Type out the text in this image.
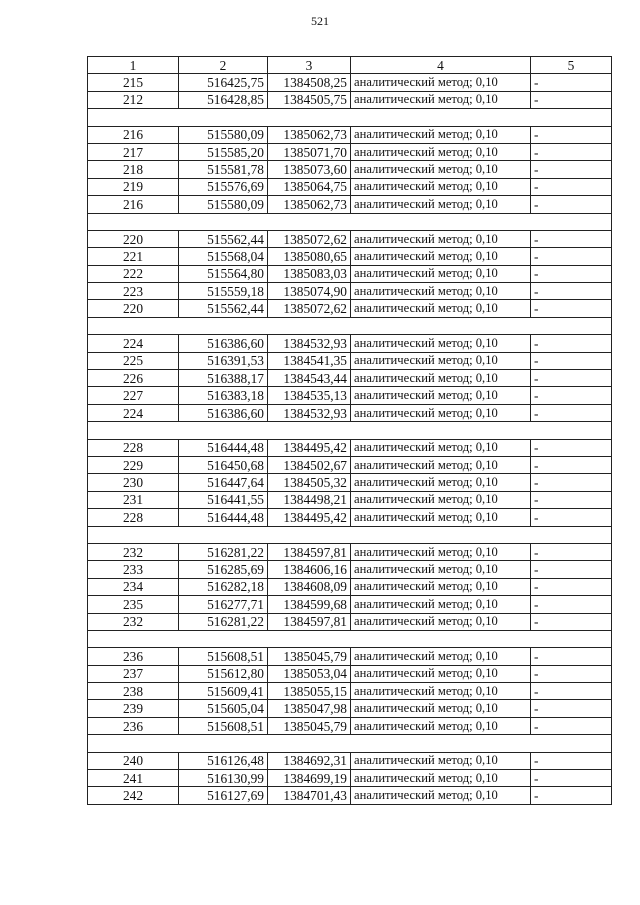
521
1	2	3	4	5
215	516425,75	1384508,25	аналитический метод; 0,10	-
212	516428,85	1384505,75	аналитический метод; 0,10	-

216	515580,09	1385062,73	аналитический метод; 0,10	-
217	515585,20	1385071,70	аналитический метод; 0,10	-
218	515581,78	1385073,60	аналитический метод; 0,10	-
219	515576,69	1385064,75	аналитический метод; 0,10	-
216	515580,09	1385062,73	аналитический метод; 0,10	-

220	515562,44	1385072,62	аналитический метод; 0,10	-
221	515568,04	1385080,65	аналитический метод; 0,10	-
222	515564,80	1385083,03	аналитический метод; 0,10	-
223	515559,18	1385074,90	аналитический метод; 0,10	-
220	515562,44	1385072,62	аналитический метод; 0,10	-

224	516386,60	1384532,93	аналитический метод; 0,10	-
225	516391,53	1384541,35	аналитический метод; 0,10	-
226	516388,17	1384543,44	аналитический метод; 0,10	-
227	516383,18	1384535,13	аналитический метод; 0,10	-
224	516386,60	1384532,93	аналитический метод; 0,10	-

228	516444,48	1384495,42	аналитический метод; 0,10	-
229	516450,68	1384502,67	аналитический метод; 0,10	-
230	516447,64	1384505,32	аналитический метод; 0,10	-
231	516441,55	1384498,21	аналитический метод; 0,10	-
228	516444,48	1384495,42	аналитический метод; 0,10	-

232	516281,22	1384597,81	аналитический метод; 0,10	-
233	516285,69	1384606,16	аналитический метод; 0,10	-
234	516282,18	1384608,09	аналитический метод; 0,10	-
235	516277,71	1384599,68	аналитический метод; 0,10	-
232	516281,22	1384597,81	аналитический метод; 0,10	-

236	515608,51	1385045,79	аналитический метод; 0,10	-
237	515612,80	1385053,04	аналитический метод; 0,10	-
238	515609,41	1385055,15	аналитический метод; 0,10	-
239	515605,04	1385047,98	аналитический метод; 0,10	-
236	515608,51	1385045,79	аналитический метод; 0,10	-

240	516126,48	1384692,31	аналитический метод; 0,10	-
241	516130,99	1384699,19	аналитический метод; 0,10	-
242	516127,69	1384701,43	аналитический метод; 0,10	-
